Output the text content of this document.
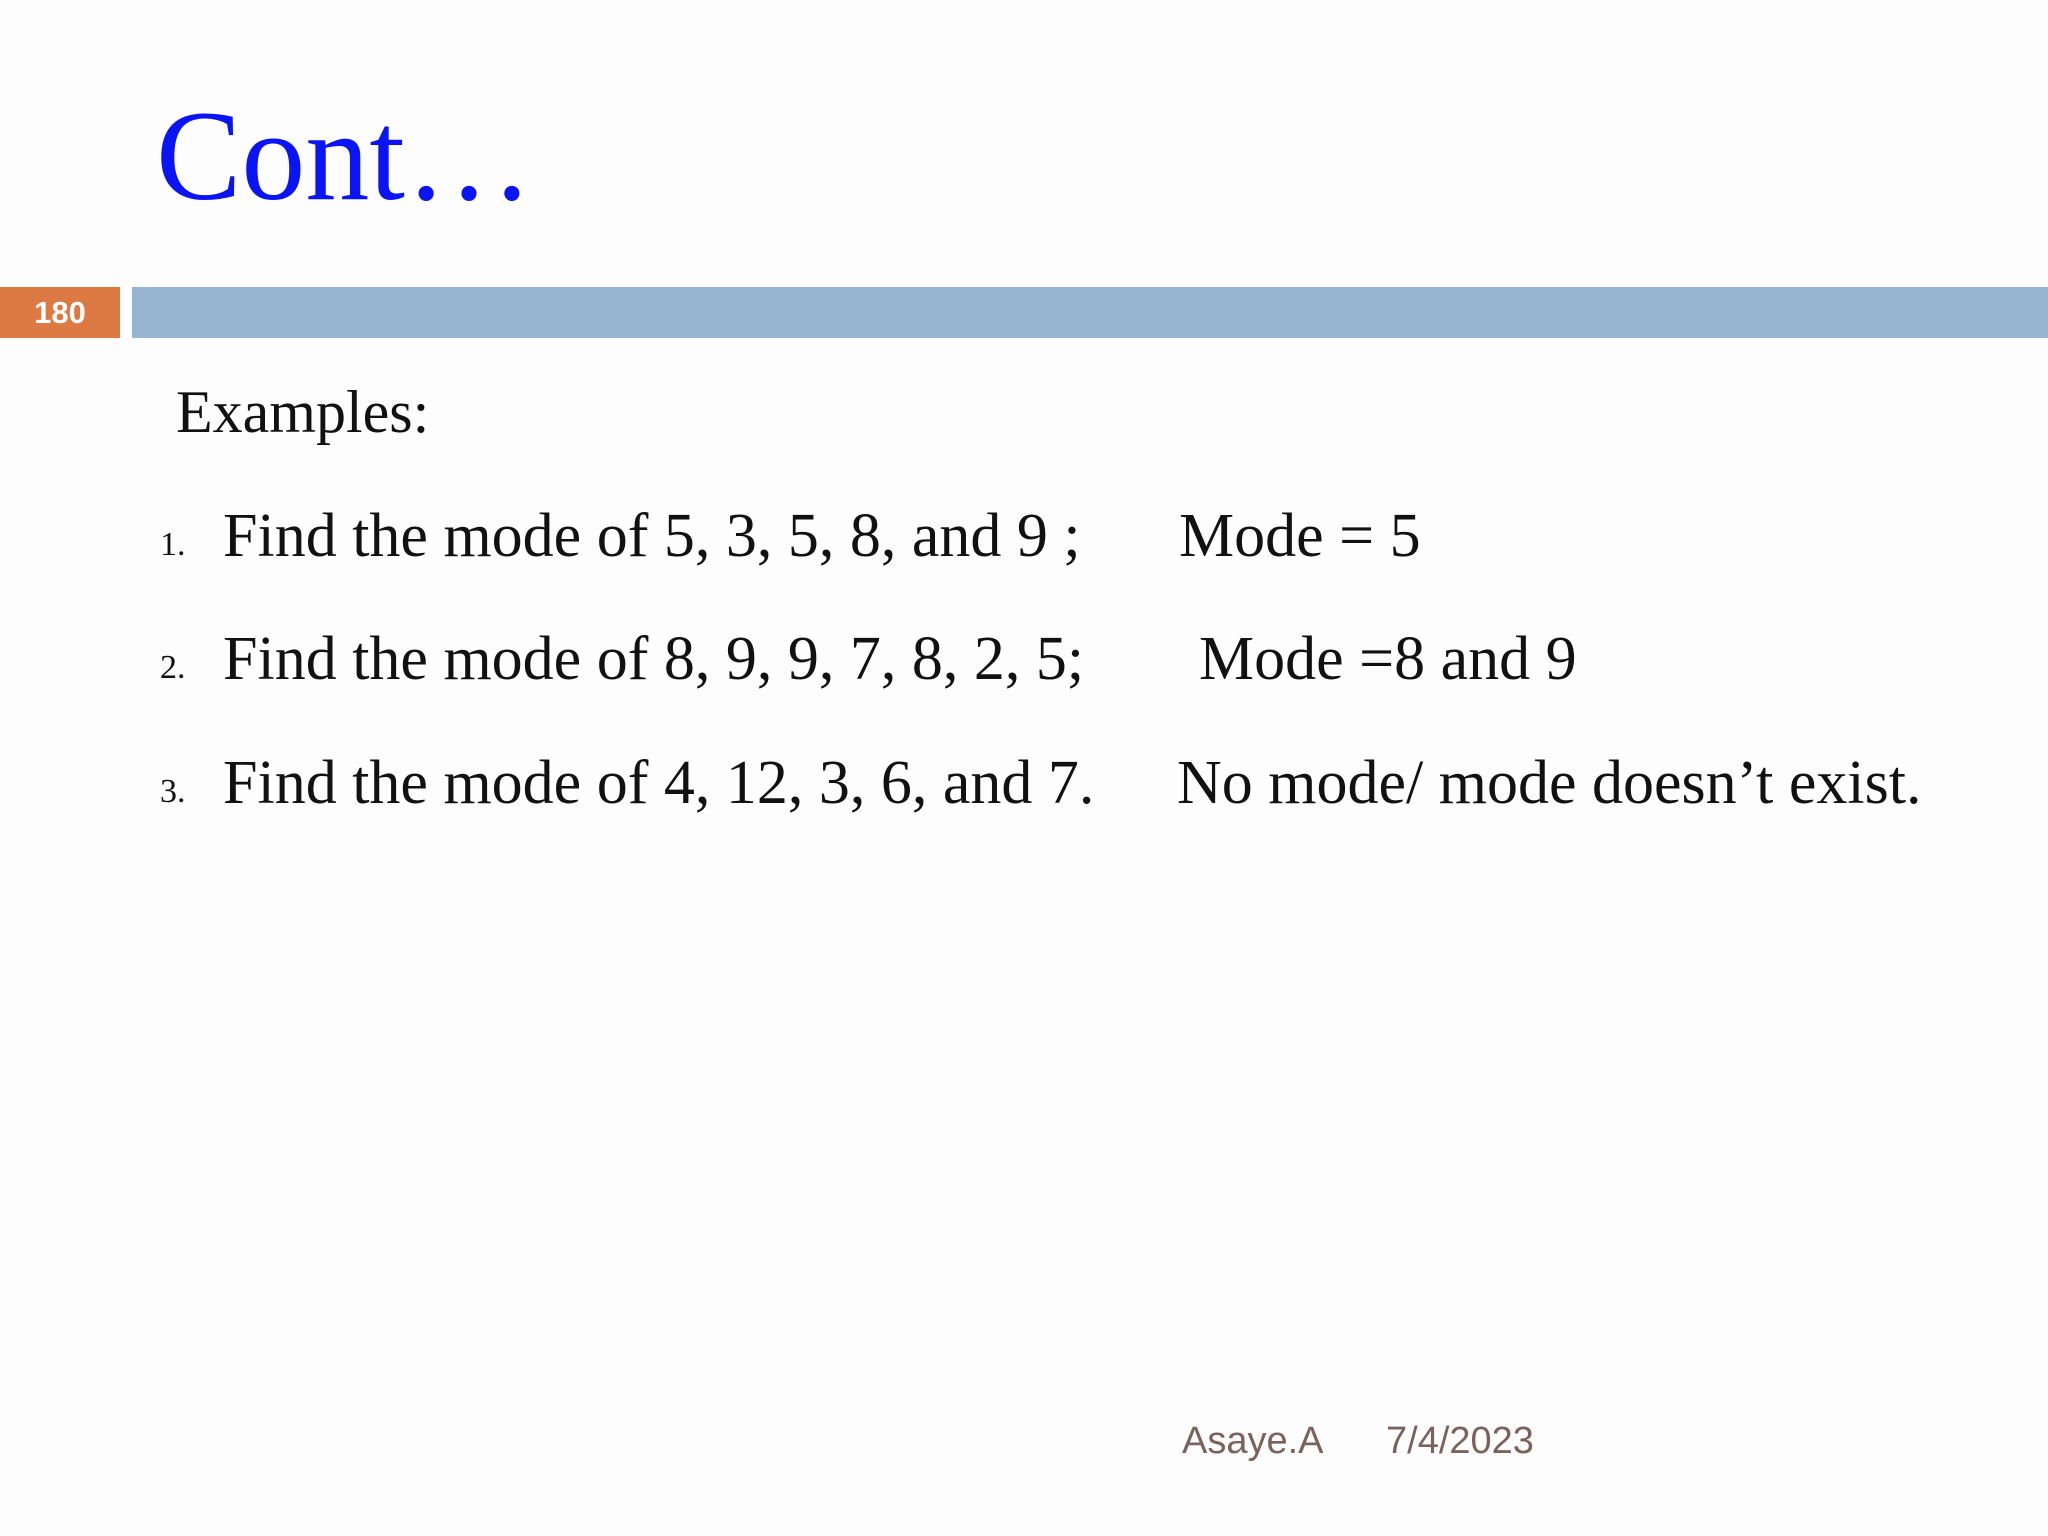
Cont…
180
Examples:
1. Find the mode of 5, 3, 5, 8, and 9 ; Mode = 5
2. Find the mode of 8, 9, 9, 7, 8, 2, 5; Mode =8 and 9
3. Find the mode of 4, 12, 3, 6, and 7. No mode/ mode doesn’t exist.
Asaye.A 7/4/2023
